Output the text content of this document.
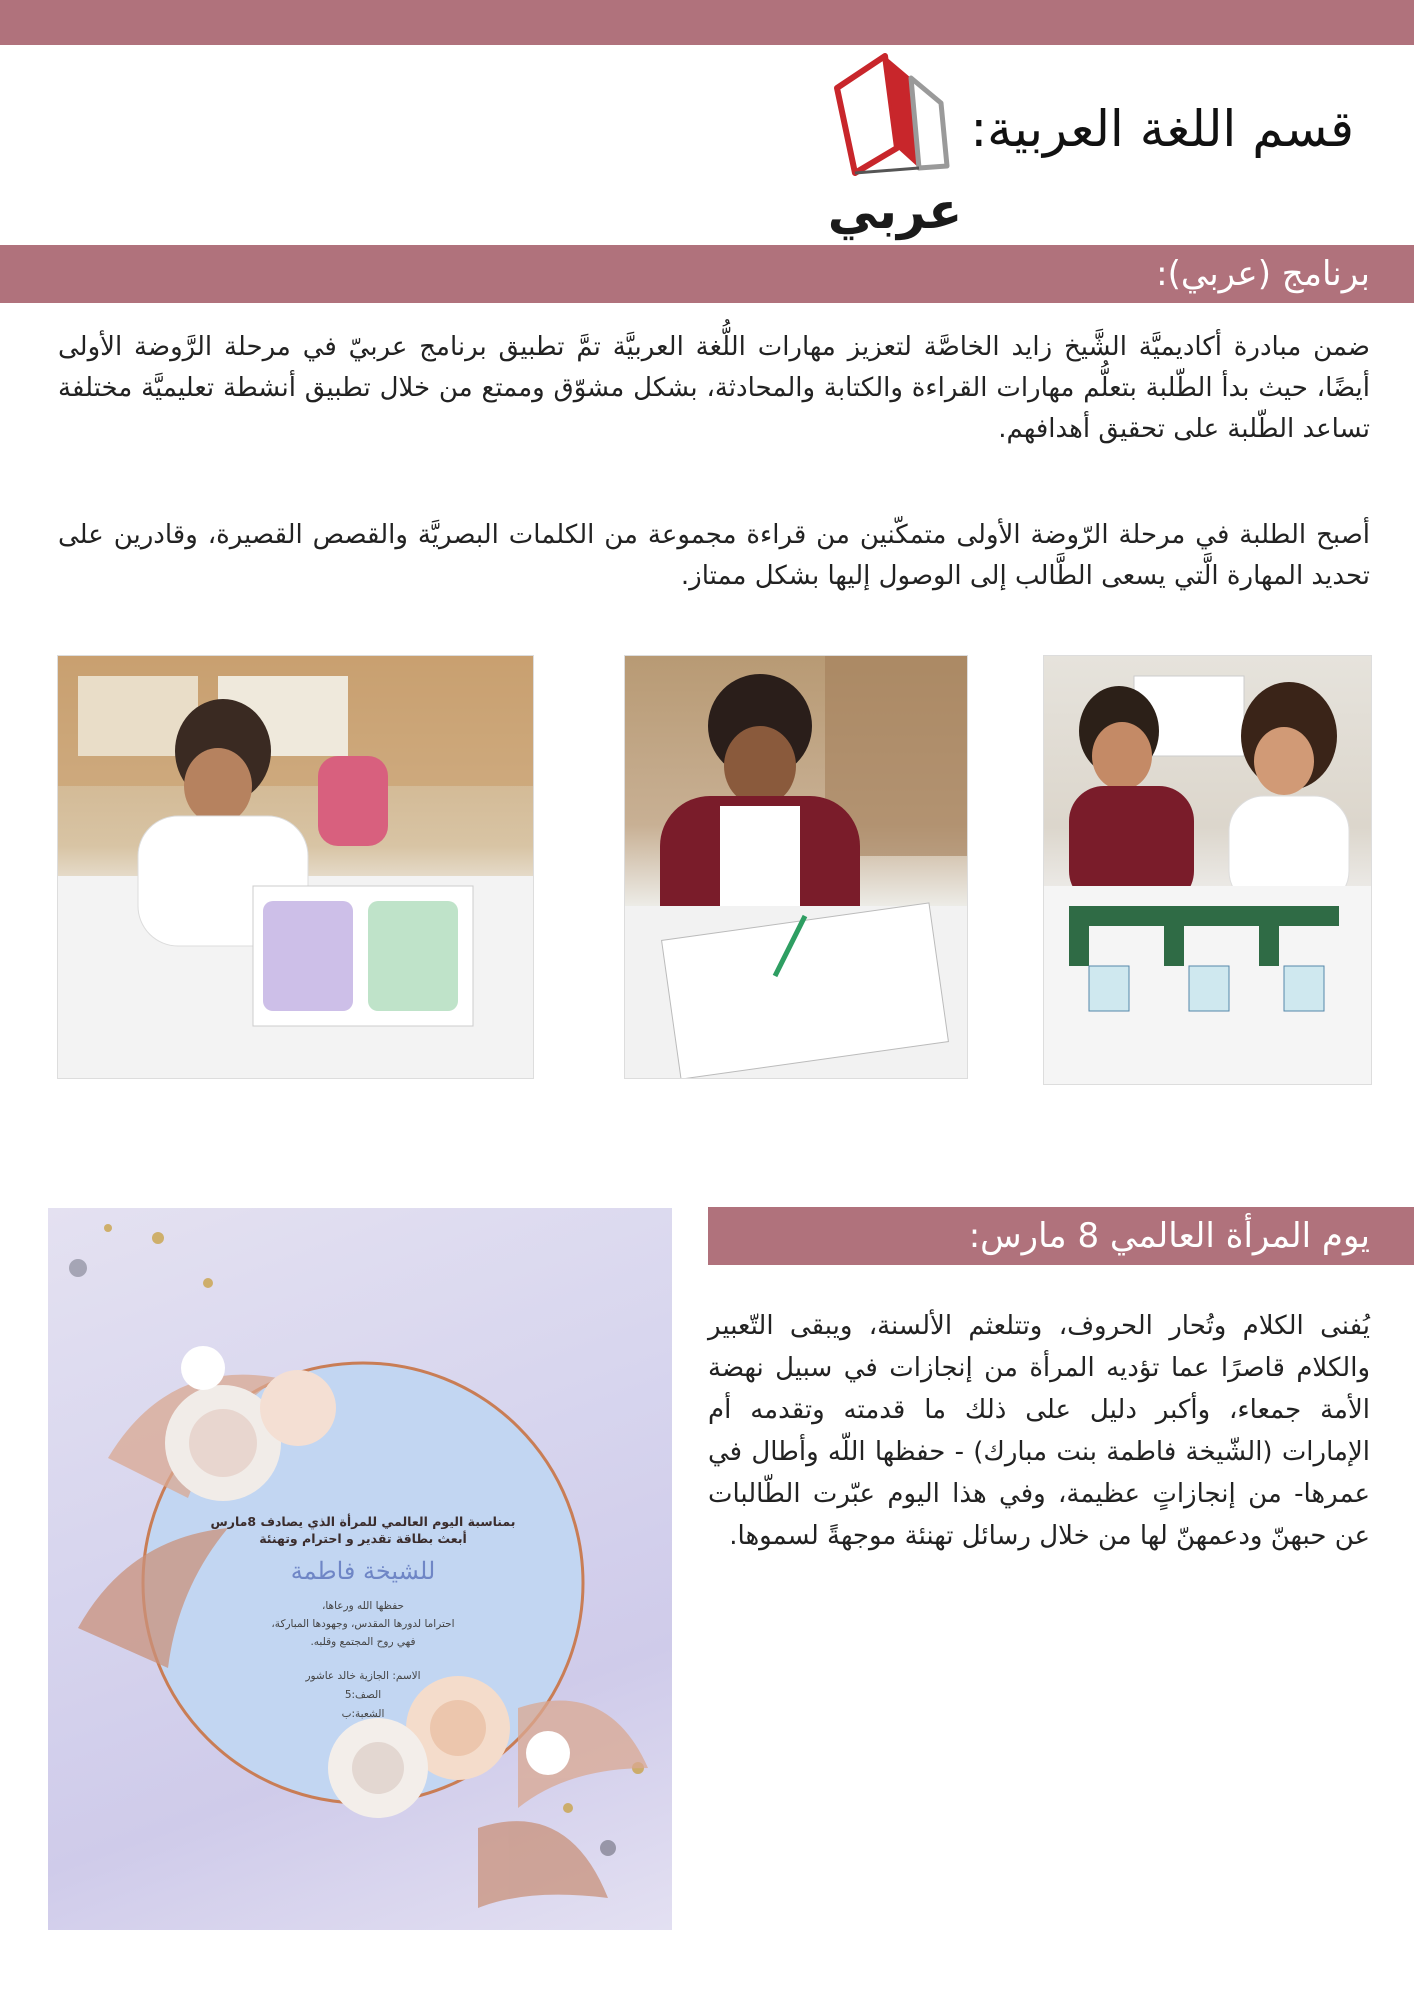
قسم اللغة العربية:
عربي
برنامج (عربي):
ضمن مبادرة أكاديميَّة الشَّيخ زايد الخاصَّة لتعزيز مهارات اللُّغة العربيَّة تمَّ تطبيق برنامج عربيّ في مرحلة الرَّوضة الأولى أيضًا، حيث بدأ الطّلبة بتعلُّم مهارات القراءة والكتابة والمحادثة، بشكل مشوّق وممتع من خلال تطبيق أنشطة تعليميَّة مختلفة تساعد الطّلبة على تحقيق أهدافهم.
أصبح الطلبة في مرحلة الرّوضة الأولى متمكّنين من قراءة مجموعة من الكلمات البصريَّة والقصص القصيرة، وقادرين على تحديد المهارة الَّتي يسعى الطَّالب إلى الوصول إليها بشكل ممتاز.
يوم المرأة العالمي 8 مارس:
يُفنى الكلام وتُحار الحروف، وتتلعثم الألسنة، ويبقى التّعبير والكلام قاصرًا عما تؤديه المرأة من إنجازات في سبيل نهضة الأمة جمعاء، وأكبر دليل على ذلك ما قدمته وتقدمه أم الإمارات (الشّيخة فاطمة بنت مبارك) - حفظها اللّه وأطال في عمرها- من إنجازاتٍ عظيمة، وفي هذا اليوم عبّرت الطّالبات عن حبهنّ ودعمهنّ لها من خلال رسائل تهنئة موجهةً لسموها.
بمناسبة اليوم العالمي للمرأة الذي يصادف 8مارس
أبعث بطاقة تقدير و احترام وتهنئة
للشيخة فاطمة
حفظها الله ورعاها،
احتراما لدورها المقدس، وجهودها المباركة،
فهي روح المجتمع وقلبه.
الاسم: الجازية خالد عاشور
الصف:5
الشعبة:ب
